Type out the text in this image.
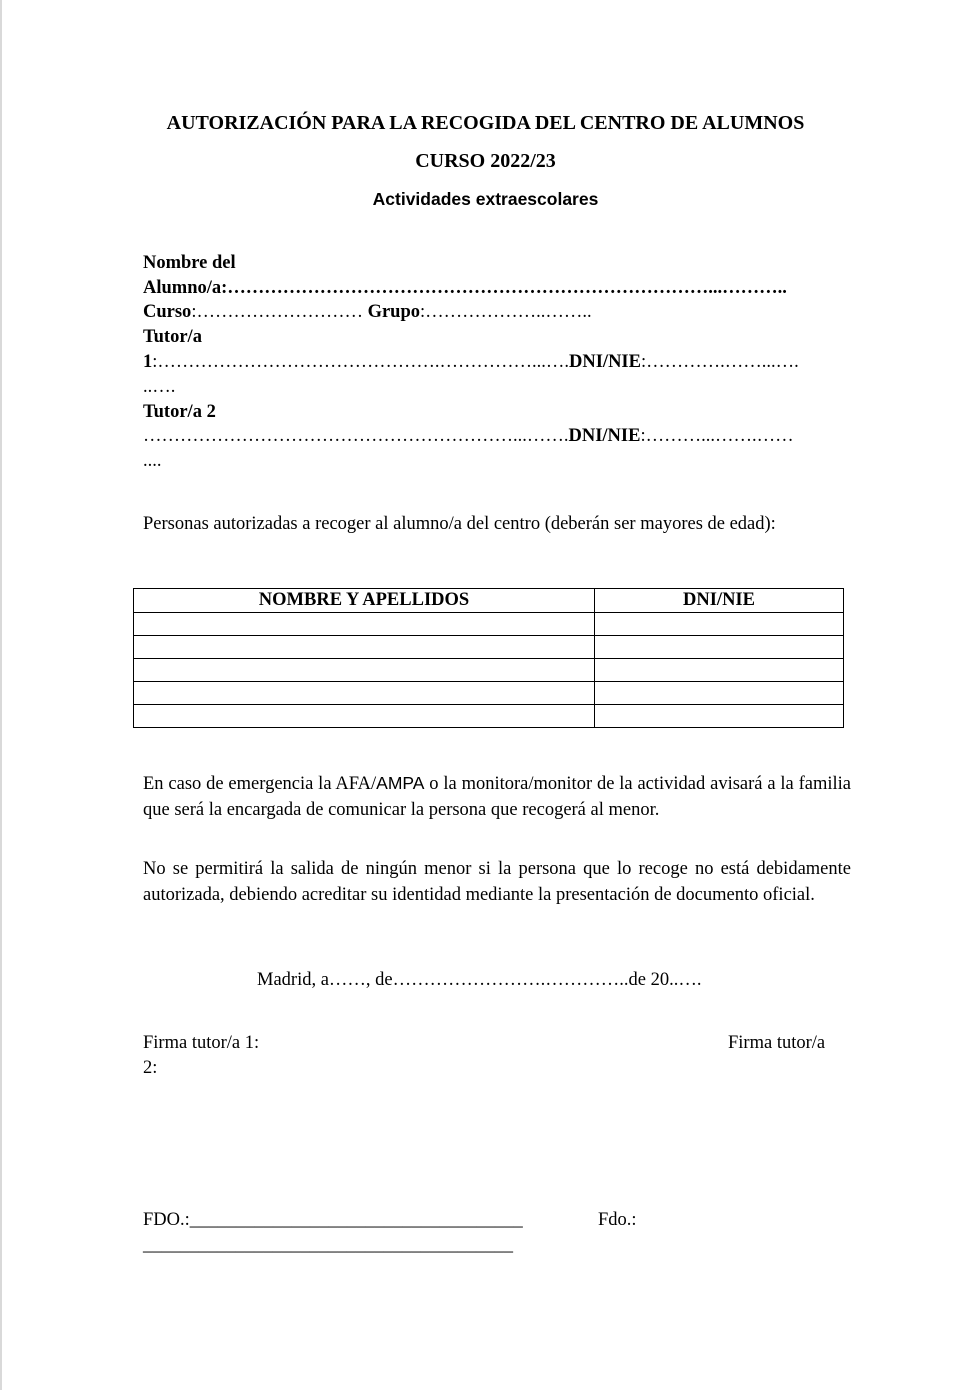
AUTORIZACIÓN PARA LA RECOGIDA DEL CENTRO DE ALUMNOS
CURSO 2022/23
Actividades extraescolares
Nombre del
Alumno/a:……………………………………………………………………...………..
Curso:……………………… Grupo:………………..……..
Tutor/a
1:……………………………………….……………...….DNI/NIE:………….……...….
..….
Tutor/a 2
……………………………………………………...…….DNI/NIE:………...…….……
....
Personas autorizadas a recoger al alumno/a del centro (deberán ser mayores de edad):
NOMBRE Y APELLIDOS	DNI/NIE

En caso de emergencia la AFA/AMPA o la monitora/monitor de la actividad avisará a la familia que será la encargada de comunicar la persona que recogerá al menor.
No se permitirá la salida de ningún menor si la persona que lo recoge no está debidamente autorizada, debiendo acreditar su identidad mediante la presentación de documento oficial.
Madrid, a……, de…………………….…………..de 20..….
Firma tutor/a 1:	Firma tutor/a
2:
FDO.:____________________________________	Fdo.:
________________________________________
